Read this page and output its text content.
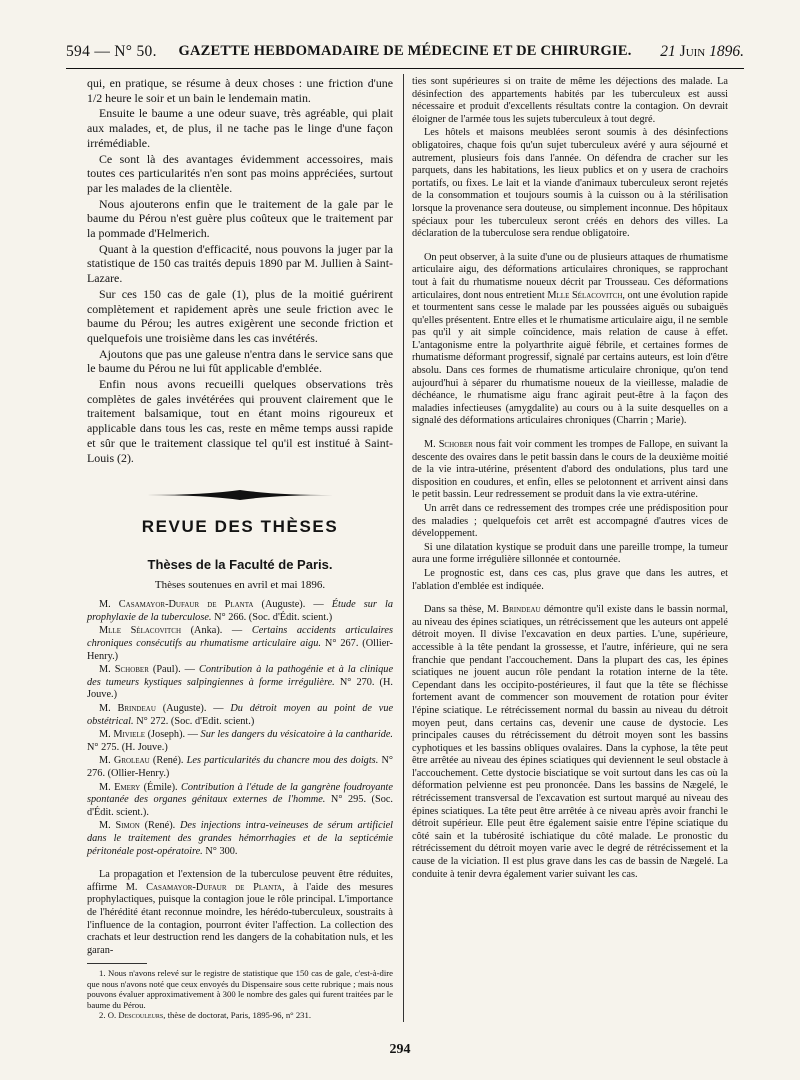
594 — N° 50.	GAZETTE HEBDOMADAIRE DE MÉDECINE ET DE CHIRURGIE.	21 Juin 1896.

qui, en pratique, se résume à deux choses : une friction d'une 1/2 heure le soir et un bain le lendemain matin.

Ensuite le baume a une odeur suave, très agréable, qui plait aux malades, et, de plus, il ne tache pas le linge d'une façon irrémédiable.

Ce sont là des avantages évidemment accessoires, mais toutes ces particularités n'en sont pas moins appréciées, surtout par les malades de la clientèle.

Nous ajouterons enfin que le traitement de la gale par le baume du Pérou n'est guère plus coûteux que le traitement par la pommade d'Helmerich.

Quant à la question d'efficacité, nous pouvons la juger par la statistique de 150 cas traités depuis 1890 par M. Jullien à Saint-Lazare.

Sur ces 150 cas de gale (1), plus de la moitié guérirent complètement et rapidement après une seule friction avec le baume du Pérou; les autres exigèrent une seconde friction et quelquefois une troisième dans les cas invétérés.

Ajoutons que pas une galeuse n'entra dans le service sans que le baume du Pérou ne lui fût applicable d'emblée.

Enfin nous avons recueilli quelques observations très complètes de gales invétérées qui prouvent clairement que le traitement balsamique, tout en étant moins rigoureux et applicable dans tous les cas, reste en même temps aussi rapide et sûr que le traitement classique tel qu'il est institué à Saint-Louis (2).

REVUE DES THÈSES
Thèses de la Faculté de Paris.
Thèses soutenues en avril et mai 1896.

M. Casamayor-Dufaur de Planta (Auguste). — Étude sur la prophylaxie de la tuberculose. N° 266. (Soc. d'Édit. scient.)

Mlle Sélacovitch (Anka). — Certains accidents articulaires chroniques consécutifs au rhumatisme articulaire aigu. N° 267. (Ollier-Henry.)

M. Schober (Paul). — Contribution à la pathogénie et à la clinique des tumeurs kystiques salpingiennes à forme irrégulière. N° 270. (H. Jouve.)

M. Brindeau (Auguste). — Du détroit moyen au point de vue obstétrical. N° 272. (Soc. d'Edit. scient.)

M. Miviele (Joseph). — Sur les dangers du vésicatoire à la cantharide. N° 275. (H. Jouve.)

M. Groleau (René). Les particularités du chancre mou des doigts. N° 276. (Ollier-Henry.)

M. Emery (Émile). Contribution à l'étude de la gangrène foudroyante spontanée des organes génitaux externes de l'homme. N° 295. (Soc. d'Édit. scient.).

M. Simon (René). Des injections intra-veineuses de sérum artificiel dans le traitement des grandes hémorrhagies et de la septicémie péritonéale post-opératoire. N° 300.

La propagation et l'extension de la tuberculose peuvent être réduites, affirme M. Casamayor-Dufaur de Planta, à l'aide des mesures prophylactiques, puisque la contagion joue le rôle principal. L'importance de l'hérédité étant reconnue moindre, les hérédo-tuberculeux, soustraits à l'influence de la contagion, pourront éviter l'affection. La collection des crachats et leur destruction rend les dangers de la cohabitation nuls, et les garan-

1. Nous n'avons relevé sur le registre de statistique que 150 cas de gale, c'est-à-dire que nous n'avons noté que ceux envoyés du Dispensaire sous cette rubrique ; mais nous pouvons évaluer approximativement à 300 le nombre des gales qui furent traitées par le baume du Pérou.

2. O. Descouleurs, thèse de doctorat, Paris, 1895-96, n° 231.

ties sont supérieures si on traite de même les déjections des malade. La désinfection des appartements habités par les tuberculeux est aussi nécessaire et produit d'excellents résultats contre la contagion. On devrait éloigner de l'armée tous les sujets tuberculeux à tout degré.

Les hôtels et maisons meublées seront soumis à des désinfections obligatoires, chaque fois qu'un sujet tuberculeux avéré y aura séjourné et autrement, plusieurs fois dans l'année. On défendra de cracher sur les parquets, dans les habitations, les lieux publics et on y usera de crachoirs portatifs, ou fixes. Le lait et la viande d'animaux tuberculeux seront rejetés de la consommation et toujours soumis à la cuisson ou à la stérilisation lorsque la provenance sera douteuse, ou simplement inconnue. Des hôpitaux spéciaux pour les tuberculeux seront créés en dehors des villes. La déclaration de la tuberculose sera rendue obligatoire.

On peut observer, à la suite d'une ou de plusieurs attaques de rhumatisme articulaire aigu, des déformations articulaires chroniques, se rapprochant tout à fait du rhumatisme noueux décrit par Trousseau. Ces déformations articulaires, dont nous entretient Mlle Sélacovitch, ont une évolution rapide et tourmentent sans cesse le malade par les poussées aiguës ou subaiguës qu'elles présentent. Entre elles et le rhumatisme articulaire aigu, il ne semble pas qu'il y ait simple coïncidence, mais relation de cause à effet. L'antagonisme entre la polyarthrite aiguë fébrile, et certaines formes de rhumatisme déformant progressif, signalé par certains auteurs, est loin d'être absolu. Dans ces formes de rhumatisme articulaire chronique, qu'on tend aujourd'hui à séparer du rhumatisme noueux de la vieillesse, maladie de déchéance, le rhumatisme aigu franc agirait peut-être à la façon des maladies infectieuses (amygdalite) au cours ou à la suite desquelles on a signalé des déformations articulaires chroniques (Charrin ; Marie).

M. Schober nous fait voir comment les trompes de Fallope, en suivant la descente des ovaires dans le petit bassin dans le cours de la deuxième moitié de la vie intra-utérine, présentent d'abord des ondulations, plus tard une disposition en coudures, et enfin, elles se pelotonnent et arrivent ainsi dans le petit bassin. Leur redressement se produit dans la vie extra-utérine.

Un arrêt dans ce redressement des trompes crée une prédisposition pour des maladies ; quelquefois cet arrêt est accompagné d'autres vices de développement.

Si une dilatation kystique se produit dans une pareille trompe, la tumeur aura une forme irrégulière sillonnée et contournée.

Le prognostic est, dans ces cas, plus grave que dans les autres, et l'ablation d'emblée est indiquée.

Dans sa thèse, M. Brindeau démontre qu'il existe dans le bassin normal, au niveau des épines sciatiques, un rétrécissement que les auteurs ont appelé détroit moyen. Il divise l'excavation en deux parties. L'une, supérieure, accessible à la tête pendant la grossesse, et l'autre, inférieure, qui ne sera franchie que pendant l'accouchement. Dans la plupart des cas, les épines sciatiques ne jouent aucun rôle pendant la rotation interne de la tête. Cependant dans les occipito-postérieures, il faut que la tête se fléchisse fortement avant de commencer son mouvement de rotation pour éviter l'épine sciatique. Le rétrécissement normal du bassin au niveau du détroit moyen peut, dans certains cas, devenir une cause de dystocie. Les principales causes du rétrécissement du détroit moyen sont les bassins cyphotiques et les bassins obliques ovalaires. Dans la cyphose, la tête peut être arrêtée au niveau des épines sciatiques qui deviennent le seul obstacle à l'accouchement. Cette dystocie bisciatique se voit surtout dans les cas où la déformation pelvienne est peu prononcée. Dans les bassins de Nægelé, le rétrécissement transversal de l'excavation est surtout marqué au niveau des épines sciatiques. La tête peut être arrêtée à ce niveau après avoir franchi le détroit supérieur. Elle peut être également saisie entre l'épine sciatique du côté sain et la tubérosité ischiatique du côté malade. Le pronostic du rétrécissement du détroit moyen varie avec le degré de rétrécissement et la cause de la viciation. Il est plus grave dans les cas de bassin de Nægelé. La conduite à tenir devra également varier suivant les cas.

294
